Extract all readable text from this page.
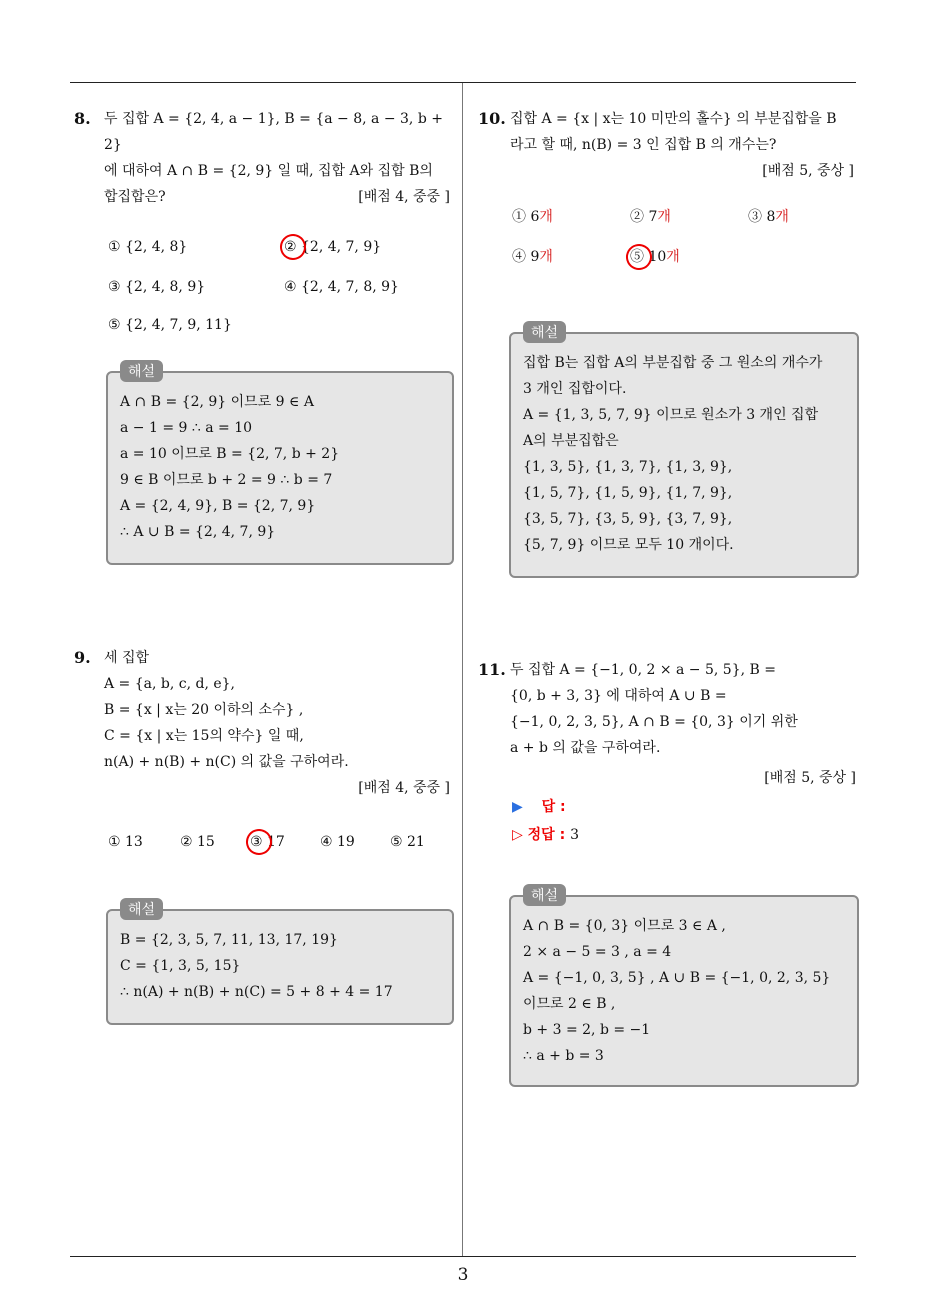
3
8. 두 집합 A = {2, 4, a − 1}, B = {a − 8, a − 3, b + 2}
에 대하여 A ∩ B = {2, 9} 일 때, 집합 A와 집합 B의
합집합은?	[배점 4, 중중 ]
① {2, 4, 8}	② {2, 4, 7, 9}
③ {2, 4, 8, 9}	④ {2, 4, 7, 8, 9}
⑤ {2, 4, 7, 9, 11}
해설
A ∩ B = {2, 9} 이므로 9 ∈ A
a − 1 = 9 ∴ a = 10
a = 10 이므로 B = {2, 7, b + 2}
9 ∈ B 이므로 b + 2 = 9 ∴ b = 7
A = {2, 4, 9}, B = {2, 7, 9}
∴ A ∪ B = {2, 4, 7, 9}
9. 세 집합
A = {a, b, c, d, e},
B = {x | x는 20 이하의 소수} ,
C = {x | x는 15의 약수} 일 때,
n(A) + n(B) + n(C) 의 값을 구하여라.
[배점 4, 중중 ]
① 13	② 15	③ 17	④ 19	⑤ 21
해설
B = {2, 3, 5, 7, 11, 13, 17, 19}
C = {1, 3, 5, 15}
∴ n(A) + n(B) + n(C) = 5 + 8 + 4 = 17
10. 집합 A = {x | x는 10 미만의 홀수} 의 부분집합을 B
라고 할 때, n(B) = 3 인 집합 B 의 개수는?
[배점 5, 중상 ]
① 6개	② 7개	③ 8개
④ 9개	⑤ 10개
해설
집합 B는 집합 A의 부분집합 중 그 원소의 개수가
3 개인 집합이다.
A = {1, 3, 5, 7, 9} 이므로 원소가 3 개인 집합
A의 부분집합은
{1, 3, 5}, {1, 3, 7}, {1, 3, 9},
{1, 5, 7}, {1, 5, 9}, {1, 7, 9},
{3, 5, 7}, {3, 5, 9}, {3, 7, 9},
{5, 7, 9} 이므로 모두 10 개이다.
11. 두 집합 A = {−1, 0, 2 × a − 5, 5}, B =
{0, b + 3, 3} 에 대하여 A ∪ B =
{−1, 0, 2, 3, 5}, A ∩ B = {0, 3} 이기 위한
a + b 의 값을 구하여라.
[배점 5, 중상 ]
▶ 답 :
▷ 정답 : 3
해설
A ∩ B = {0, 3} 이므로 3 ∈ A ,
2 × a − 5 = 3 , a = 4
A = {−1, 0, 3, 5} , A ∪ B = {−1, 0, 2, 3, 5}
이므로 2 ∈ B ,
b + 3 = 2, b = −1
∴ a + b = 3
